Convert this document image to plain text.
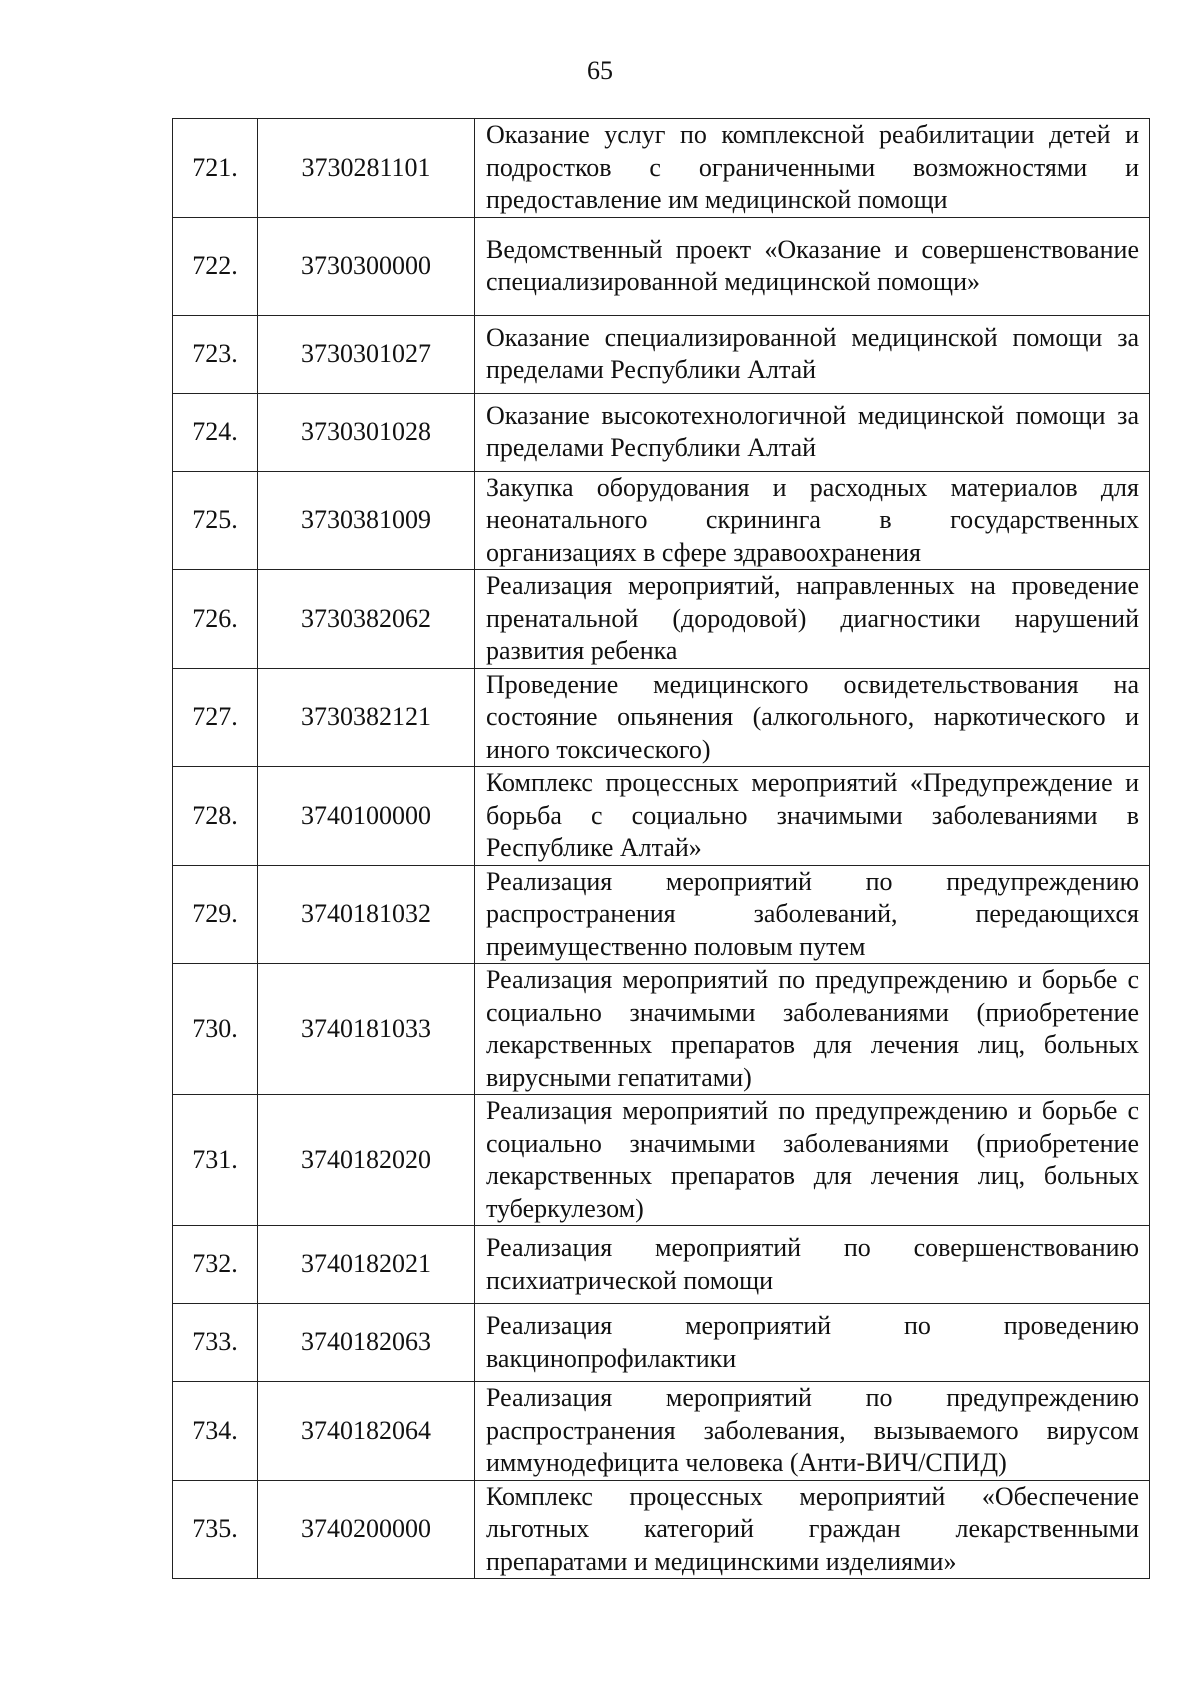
65
721.	3730281101	Оказание услуг по комплексной реабилитации детей и подростков с ограниченными возможностями и предоставление им медицинской помощи
722.	3730300000	Ведомственный проект «Оказание и совершенствование специализированной медицинской помощи»
723.	3730301027	Оказание специализированной медицинской помощи за пределами Республики Алтай
724.	3730301028	Оказание высокотехнологичной медицинской помощи за пределами Республики Алтай
725.	3730381009	Закупка оборудования и расходных материалов для неонатального скрининга в государственных организациях в сфере здравоохранения
726.	3730382062	Реализация мероприятий, направленных на проведение пренатальной (дородовой) диагностики нарушений развития ребенка
727.	3730382121	Проведение медицинского освидетельствования на состояние опьянения (алкогольного, наркотического и иного токсического)
728.	3740100000	Комплекс процессных мероприятий «Предупреждение и борьба с социально значимыми заболеваниями в Республике Алтай»
729.	3740181032	Реализация мероприятий по предупреждению распространения заболеваний, передающихся преимущественно половым путем
730.	3740181033	Реализация мероприятий по предупреждению и борьбе с социально значимыми заболеваниями (приобретение лекарственных препаратов для лечения лиц, больных вирусными гепатитами)
731.	3740182020	Реализация мероприятий по предупреждению и борьбе с социально значимыми заболеваниями (приобретение лекарственных препаратов для лечения лиц, больных туберкулезом)
732.	3740182021	Реализация мероприятий по совершенствованию психиатрической помощи
733.	3740182063	Реализация мероприятий по проведению вакцинопрофилактики
734.	3740182064	Реализация мероприятий по предупреждению распространения заболевания, вызываемого вирусом иммунодефицита человека (Анти-ВИЧ/СПИД)
735.	3740200000	Комплекс процессных мероприятий «Обеспечение льготных категорий граждан лекарственными препаратами и медицинскими изделиями»
